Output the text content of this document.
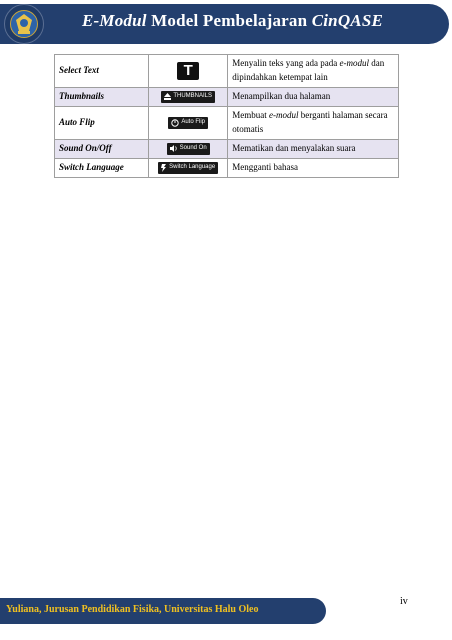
E-Modul Model Pembelajaran CinQASE
Select Text	T	Menyalin teks yang ada pada e-modul dan dipindahkan ketempat lain
Thumbnails	THUMBNAILS	Menampilkan dua halaman
Auto Flip	Auto Flip	Membuat e-modul berganti halaman secara otomatis
Sound On/Off	Sound On	Mematikan dan menyalakan suara
Switch Language	Switch Language	Mengganti bahasa
iv
Yuliana, Jurusan Pendidikan Fisika, Universitas Halu Oleo
